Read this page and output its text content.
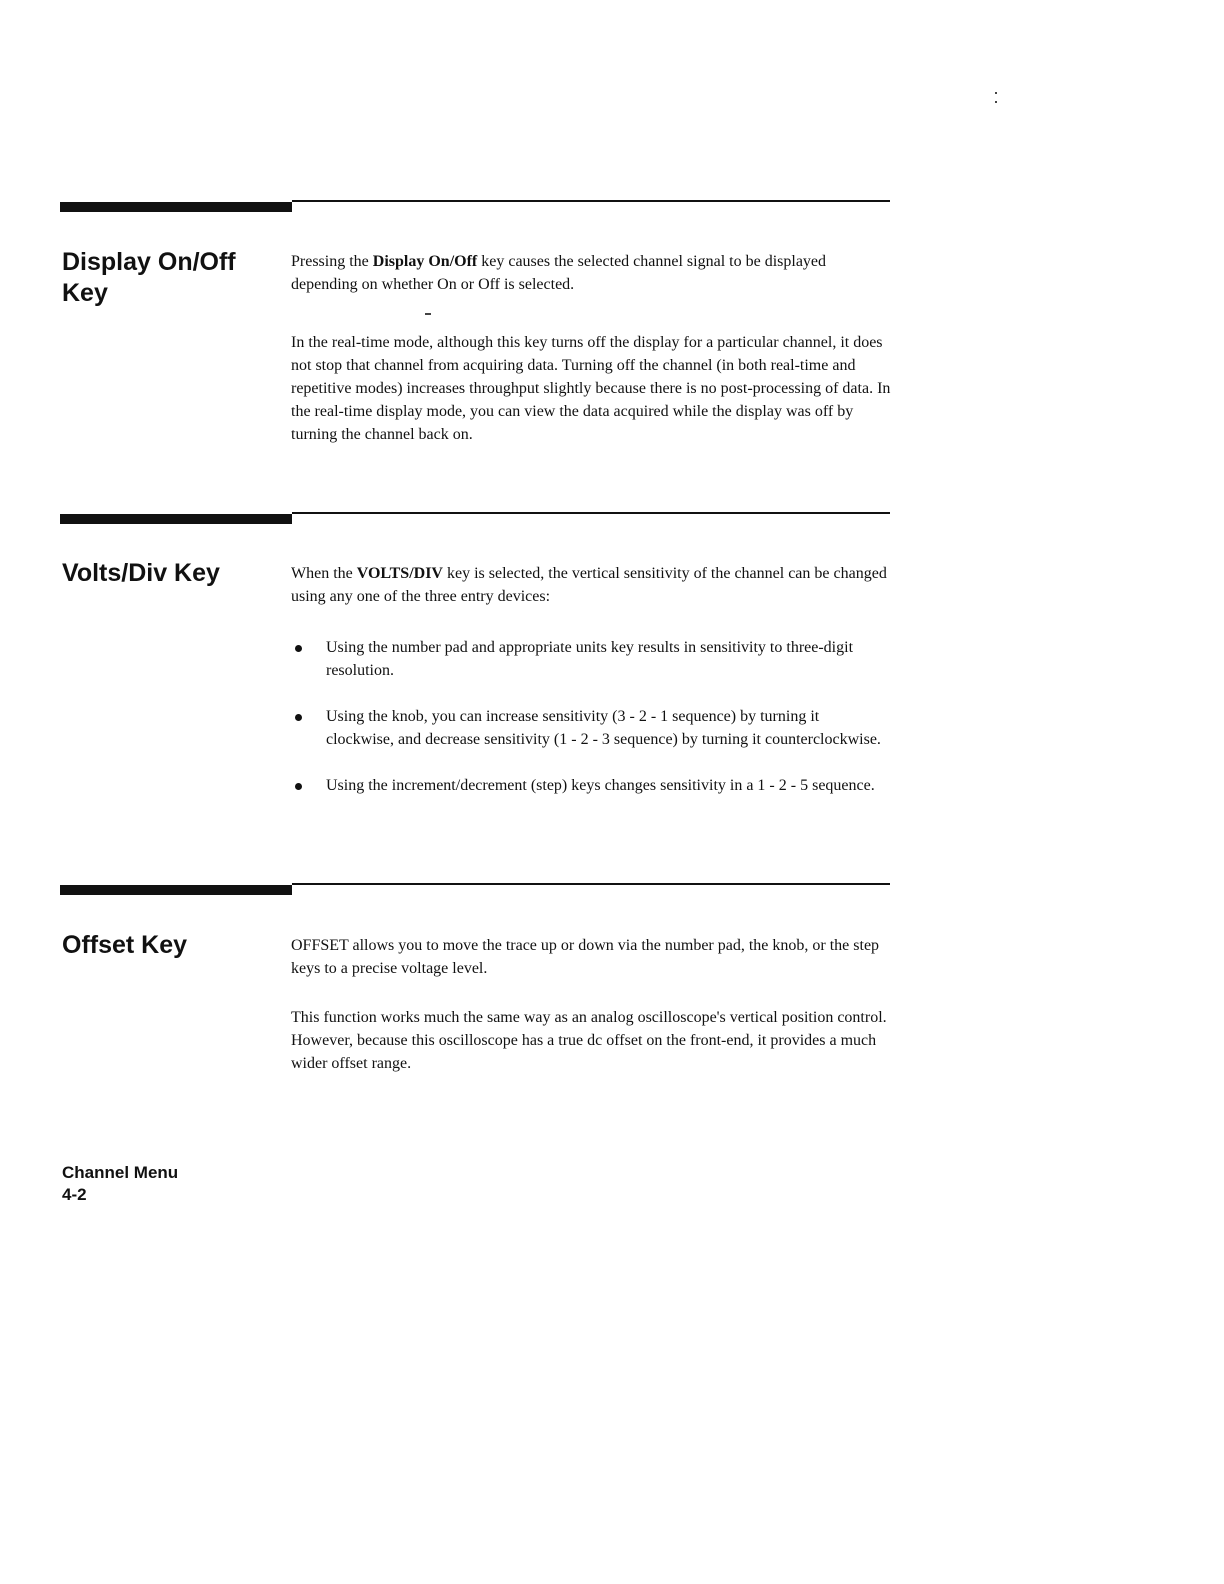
Display On/Off Key

Pressing the Display On/Off key causes the selected channel signal to be displayed depending on whether On or Off is selected.

In the real-time mode, although this key turns off the display for a particular channel, it does not stop that channel from acquiring data. Turning off the channel (in both real-time and repetitive modes) increases throughput slightly because there is no post-processing of data. In the real-time display mode, you can view the data acquired while the display was off by turning the channel back on.

Volts/Div Key	When the VOLTS/DIV key is selected, the vertical sensitivity of the channel can be changed using any one of the three entry devices:

Using the number pad and appropriate units key results in sensitivity to three-digit resolution.
Using the knob, you can increase sensitivity (3 - 2 - 1 sequence) by turning it clockwise, and decrease sensitivity (1 - 2 - 3 sequence) by turning it counterclockwise.
Using the increment/decrement (step) keys changes sensitivity in a 1 - 2 - 5 sequence.
Offset Key	OFFSET allows you to move the trace up or down via the number pad, the knob, or the step keys to a precise voltage level.

This function works much the same way as an analog oscilloscope's vertical position control. However, because this oscilloscope has a true dc offset on the front-end, it provides a much wider offset range.

Channel Menu
4-2
